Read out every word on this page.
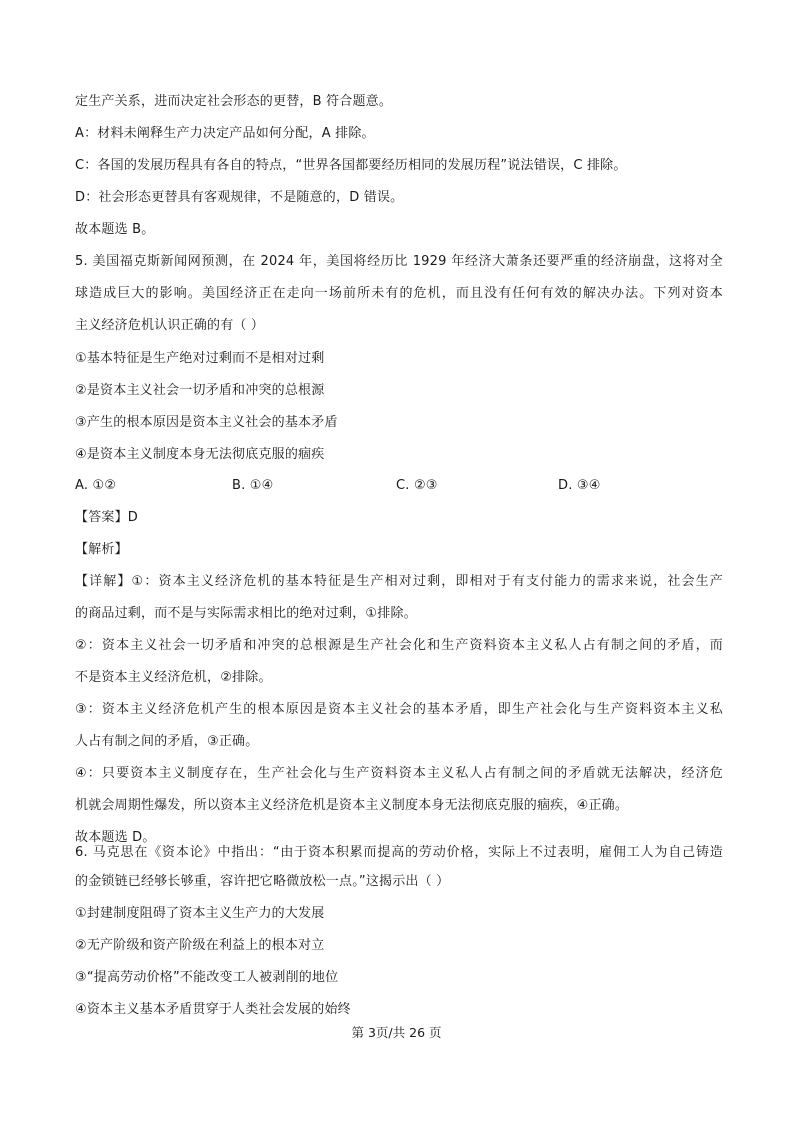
定生产关系，进而决定社会形态的更替，B 符合题意。
A：材料未阐释生产力决定产品如何分配，A 排除。
C：各国的发展历程具有各自的特点，“世界各国都要经历相同的发展历程”说法错误，C 排除。
D：社会形态更替具有客观规律，不是随意的，D 错误。
故本题选 B。
5. 美国福克斯新闻网预测，在 2024 年，美国将经历比 1929 年经济大萧条还要严重的经济崩盘，这将对全
球造成巨大的影响。美国经济正在走向一场前所未有的危机，而且没有任何有效的解决办法。下列对资本
主义经济危机认识正确的有（ ）
①基本特征是生产绝对过剩而不是相对过剩
②是资本主义社会一切矛盾和冲突的总根源
③产生的根本原因是资本主义社会的基本矛盾
④是资本主义制度本身无法彻底克服的痼疾
A. ①②	B. ①④	C. ②③	D. ③④
【答案】D
【解析】
【详解】①：资本主义经济危机的基本特征是生产相对过剩，即相对于有支付能力的需求来说，社会生产
的商品过剩，而不是与实际需求相比的绝对过剩，①排除。
②：资本主义社会一切矛盾和冲突的总根源是生产社会化和生产资料资本主义私人占有制之间的矛盾，而
不是资本主义经济危机，②排除。
③：资本主义经济危机产生的根本原因是资本主义社会的基本矛盾，即生产社会化与生产资料资本主义私
人占有制之间的矛盾，③正确。
④：只要资本主义制度存在，生产社会化与生产资料资本主义私人占有制之间的矛盾就无法解决，经济危
机就会周期性爆发，所以资本主义经济危机是资本主义制度本身无法彻底克服的痼疾，④正确。
故本题选 D。
6. 马克思在《资本论》中指出：“由于资本积累而提高的劳动价格，实际上不过表明，雇佣工人为自己铸造
的金锁链已经够长够重，容许把它略微放松一点。”这揭示出（ ）
①封建制度阻碍了资本主义生产力的大发展
②无产阶级和资产阶级在利益上的根本对立
③“提高劳动价格”不能改变工人被剥削的地位
④资本主义基本矛盾贯穿于人类社会发展的始终
第 3页/共 26 页
